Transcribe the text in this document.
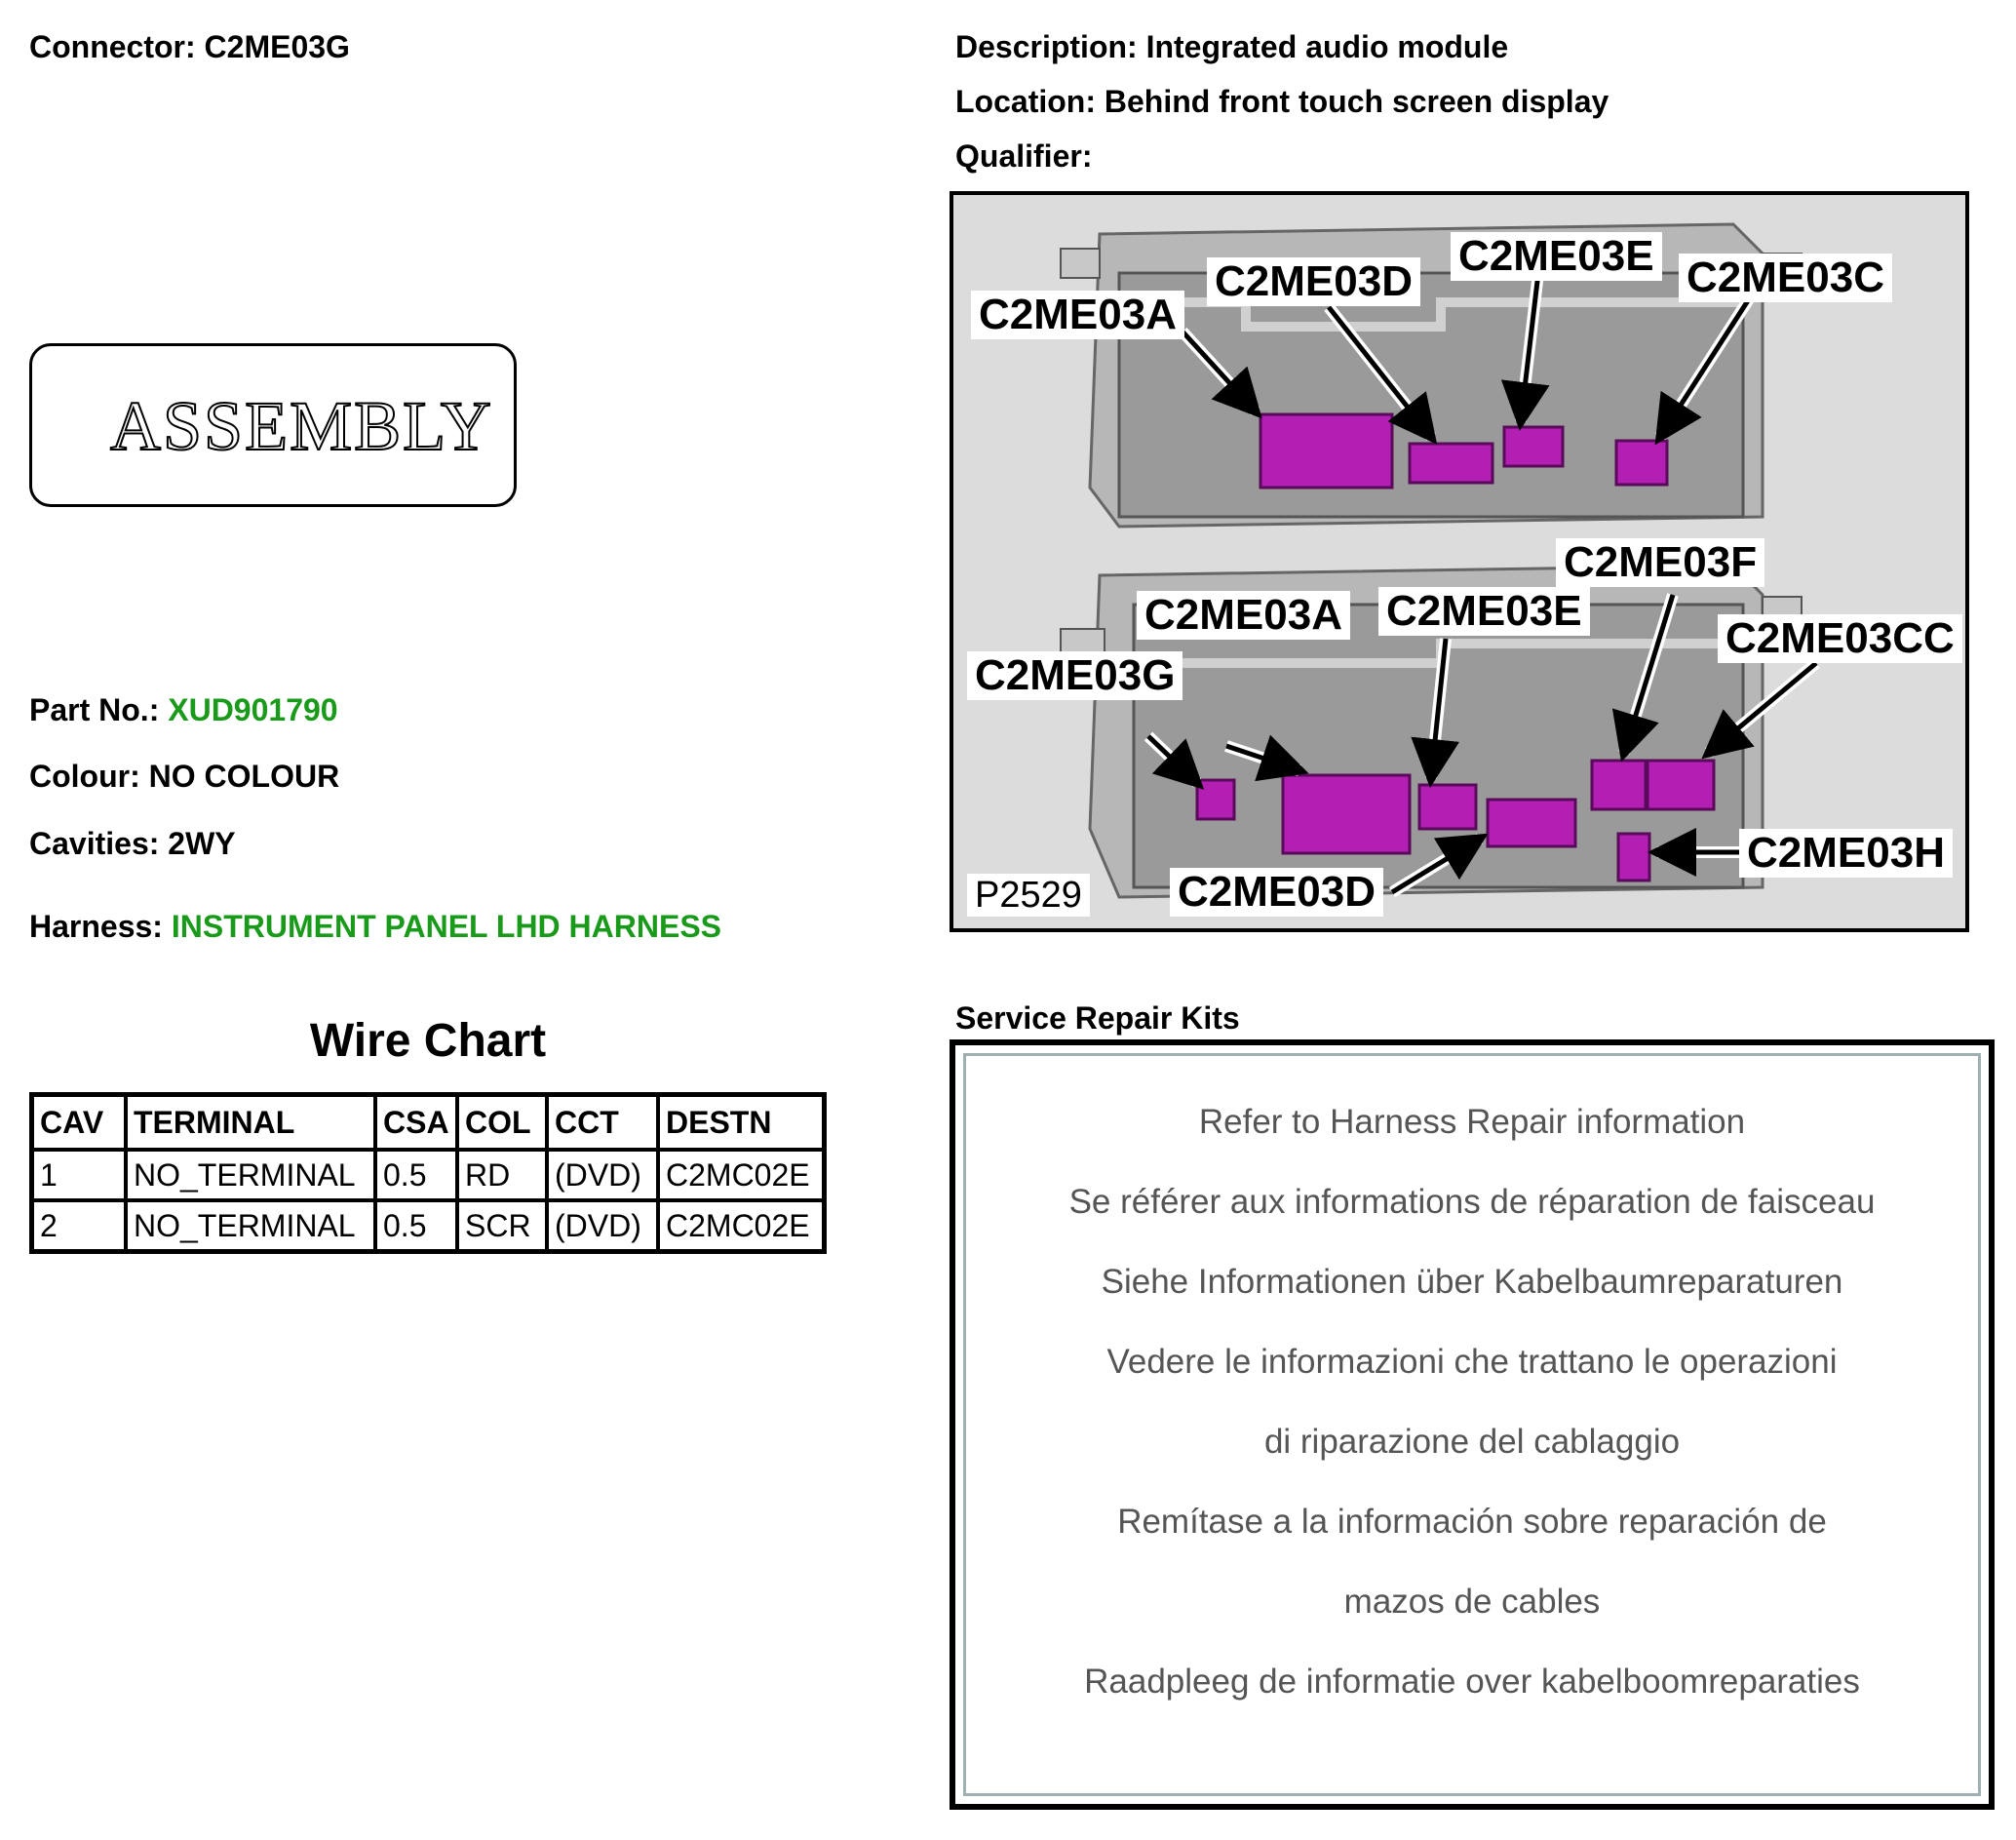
Connector: C2ME03G	Description: Integrated audio module
Location: Behind front touch screen display
Qualifier:
ASSEMBLY
Part No.: XUD901790
Colour: NO COLOUR
Cavities: 2WY
Harness: INSTRUMENT PANEL LHD HARNESS
Wire Chart
CAV	TERMINAL	CSA	COL	CCT	DESTN
1	NO_TERMINAL	0.5	RD	(DVD)	C2MC02E
2	NO_TERMINAL	0.5	SCR	(DVD)	C2MC02E
C2ME03A
C2ME03D
C2ME03E C2ME03C
C2ME03A C2ME03E
C2ME03F
C2ME03CC
C2ME03G
C2ME03D
C2ME03H
P2529
Service Repair Kits
Refer to Harness Repair information
Se référer aux informations de réparation de faisceau
Siehe Informationen über Kabelbaumreparaturen
Vedere le informazioni che trattano le operazioni
di riparazione del cablaggio
Remítase a la información sobre reparación de
mazos de cables
Raadpleeg de informatie over kabelboomreparaties
